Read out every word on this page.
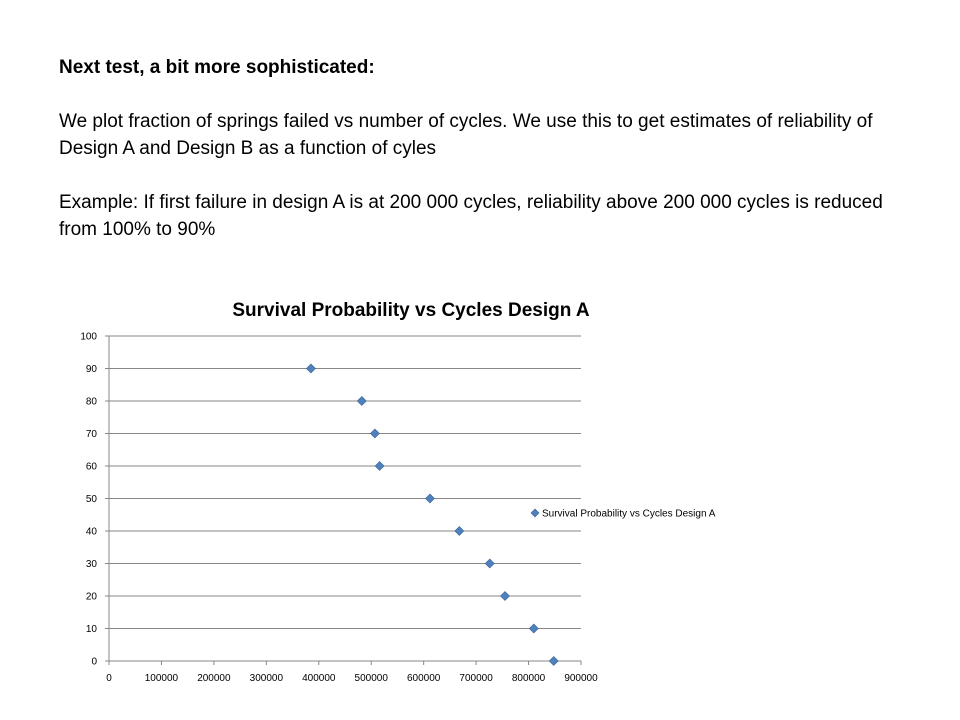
Next test, a bit more sophisticated:

We plot fraction of springs failed vs number of cycles. We use this to get estimates of reliability of Design A and Design B as a function of cyles

Example: If first failure in design A is at 200 000 cycles, reliability above 200 000 cycles is reduced from 100% to 90%

Survival Probability vs Cycles Design A
0
10
20
30
40
50
60
70
80
90
100
0	100000 200000 300000 400000 500000 600000 700000 800000 900000
Survival Probability vs Cycles Design A
